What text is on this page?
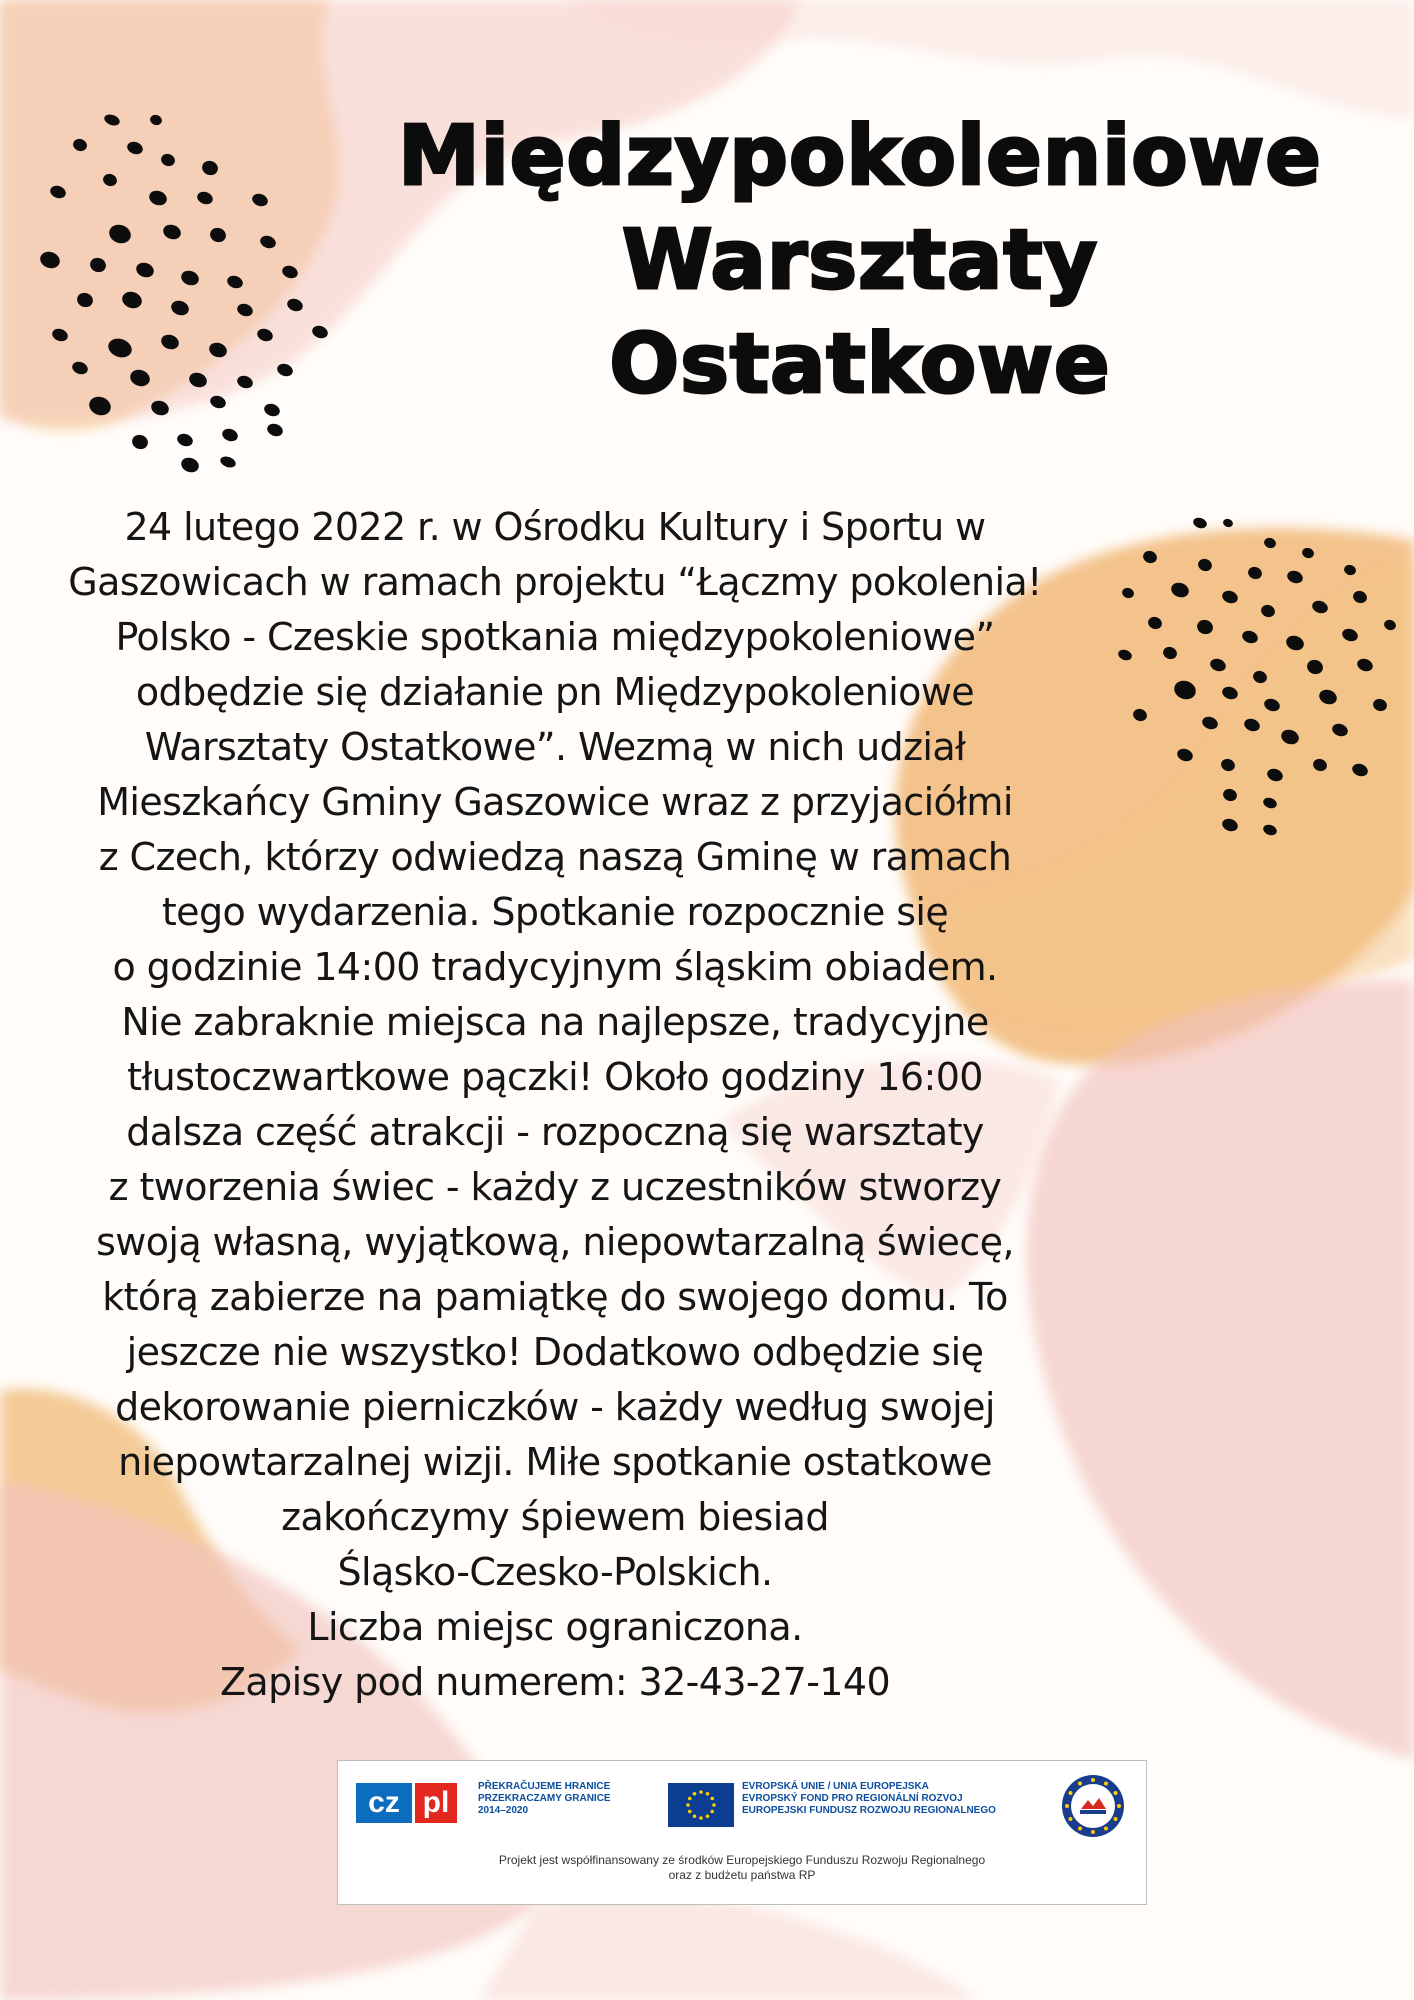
Międzypokoleniowe
Warsztaty
Ostatkowe
24 lutego 2022 r. w Ośrodku Kultury i Sportu w
Gaszowicach w ramach projektu “Łączmy pokolenia!
Polsko - Czeskie spotkania międzypokoleniowe”
odbędzie się działanie pn Międzypokoleniowe
Warsztaty Ostatkowe”. Wezmą w nich udział
Mieszkańcy Gminy Gaszowice wraz z przyjaciółmi
z Czech, którzy odwiedzą naszą Gminę w ramach
tego wydarzenia. Spotkanie rozpocznie się
o godzinie 14:00 tradycyjnym śląskim obiadem.
Nie zabraknie miejsca na najlepsze, tradycyjne
tłustoczwartkowe pączki! Około godziny 16:00
dalsza część atrakcji - rozpoczną się warsztaty
z tworzenia świec - każdy z uczestników stworzy
swoją własną, wyjątkową, niepowtarzalną świecę,
którą zabierze na pamiątkę do swojego domu. To
jeszcze nie wszystko! Dodatkowo odbędzie się
dekorowanie pierniczków - każdy według swojej
niepowtarzalnej wizji. Miłe spotkanie ostatkowe
zakończymy śpiewem biesiad
Śląsko-Czesko-Polskich.
Liczba miejsc ograniczona.
Zapisy pod numerem: 32-43-27-140
cz pl	PŘEKRAČUJEME HRANICE
PRZEKRACZAMY GRANICE
2014–2020
EVROPSKÁ UNIE / UNIA EUROPEJSKA
EVROPSKÝ FOND PRO REGIONÁLNÍ ROZVOJ
EUROPEJSKI FUNDUSZ ROZWOJU REGIONALNEGO
Projekt jest współfinansowany ze środków Europejskiego Funduszu Rozwoju Regionalnego
oraz z budżetu państwa RP
